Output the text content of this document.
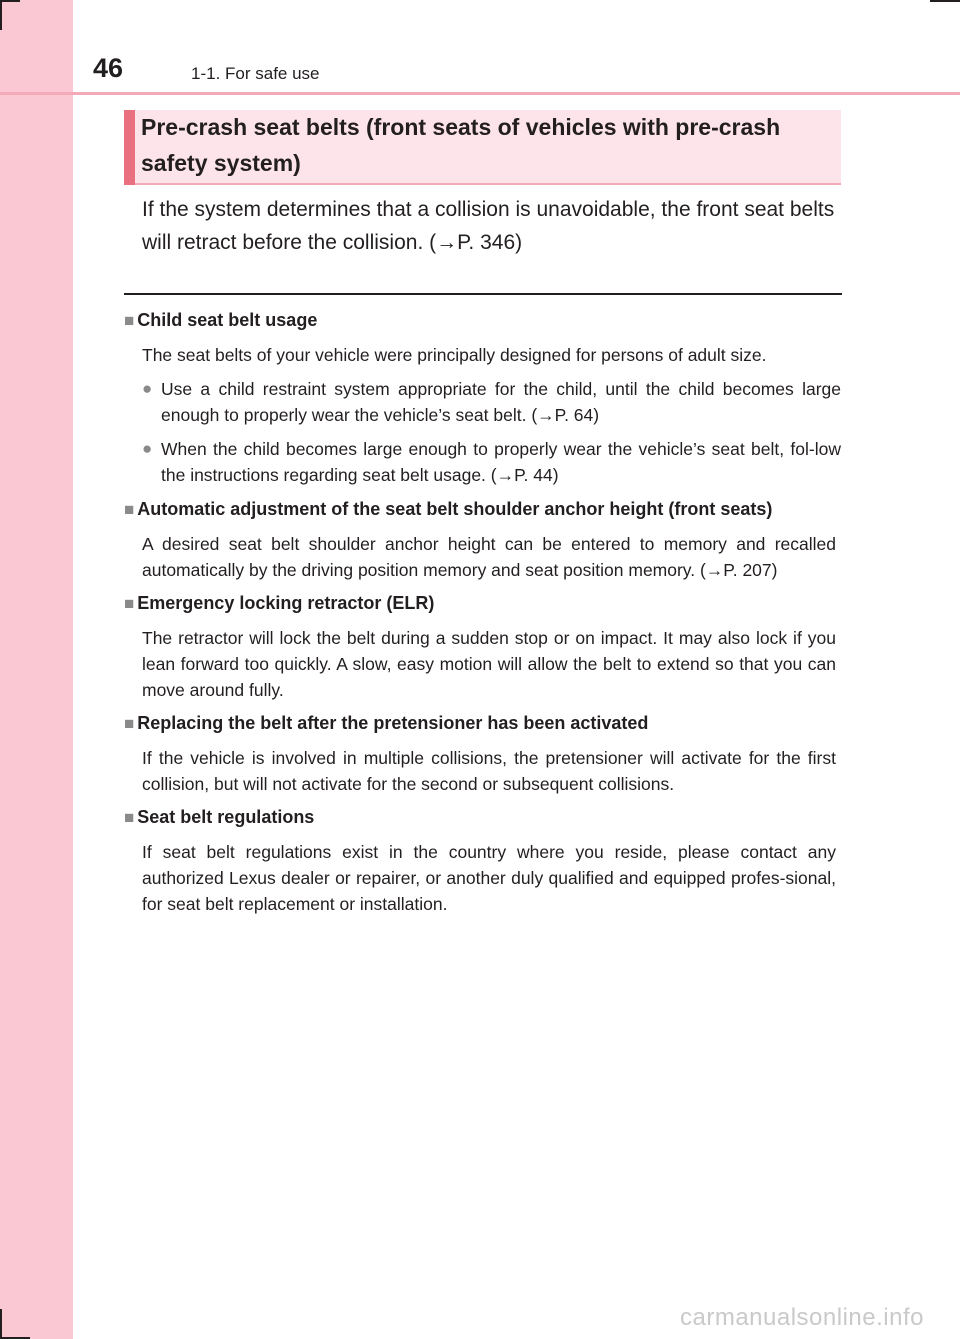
46	1-1. For safe use
Pre-crash seat belts (front seats of vehicles with pre-crash safety system)
If the system determines that a collision is unavoidable, the front seat belts will retract before the collision. (→P. 346)
■ Child seat belt usage
The seat belts of your vehicle were principally designed for persons of adult size.
● Use a child restraint system appropriate for the child, until the child becomes large enough to properly wear the vehicle’s seat belt. (→P. 64)
● When the child becomes large enough to properly wear the vehicle’s seat belt, fol-low the instructions regarding seat belt usage. (→P. 44)
■ Automatic adjustment of the seat belt shoulder anchor height (front seats)
A desired seat belt shoulder anchor height can be entered to memory and recalled automatically by the driving position memory and seat position memory. (→P. 207)
■ Emergency locking retractor (ELR)
The retractor will lock the belt during a sudden stop or on impact. It may also lock if you lean forward too quickly. A slow, easy motion will allow the belt to extend so that you can move around fully.
■ Replacing the belt after the pretensioner has been activated
If the vehicle is involved in multiple collisions, the pretensioner will activate for the first collision, but will not activate for the second or subsequent collisions.
■ Seat belt regulations
If seat belt regulations exist in the country where you reside, please contact any authorized Lexus dealer or repairer, or another duly qualified and equipped profes-sional, for seat belt replacement or installation.
carmanualsonline.info
